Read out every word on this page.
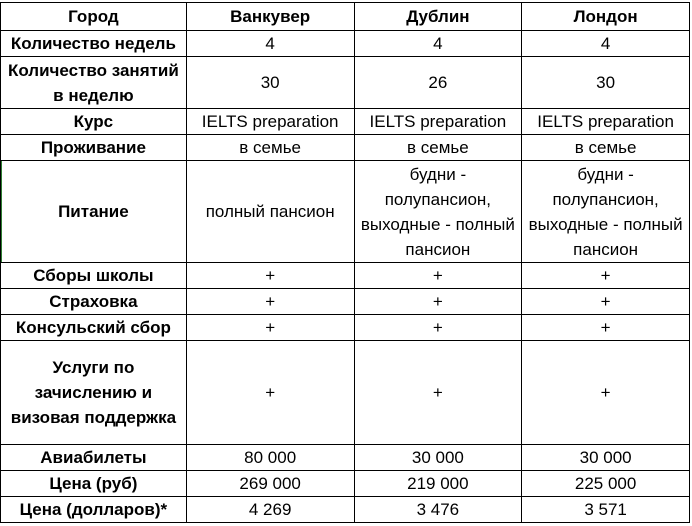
Город	Ванкувер	Дублин	Лондон
Количество недель	4	4	4
Количество занятий в неделю	30	26	30
Курс	IELTS preparation	IELTS preparation	IELTS preparation
Проживание	в семье	в семье	в семье
Питание	полный пансион	будни - полупансион, выходные - полный пансион	будни - полупансион, выходные - полный пансион
Сборы школы	+	+	+
Страховка	+	+	+
Консульский сбор	+	+	+
Услуги по зачислению и визовая поддержка	+	+	+
Авиабилеты	80 000	30 000	30 000
Цена (руб)	269 000	219 000	225 000
Цена (долларов)*	4 269	3 476	3 571
